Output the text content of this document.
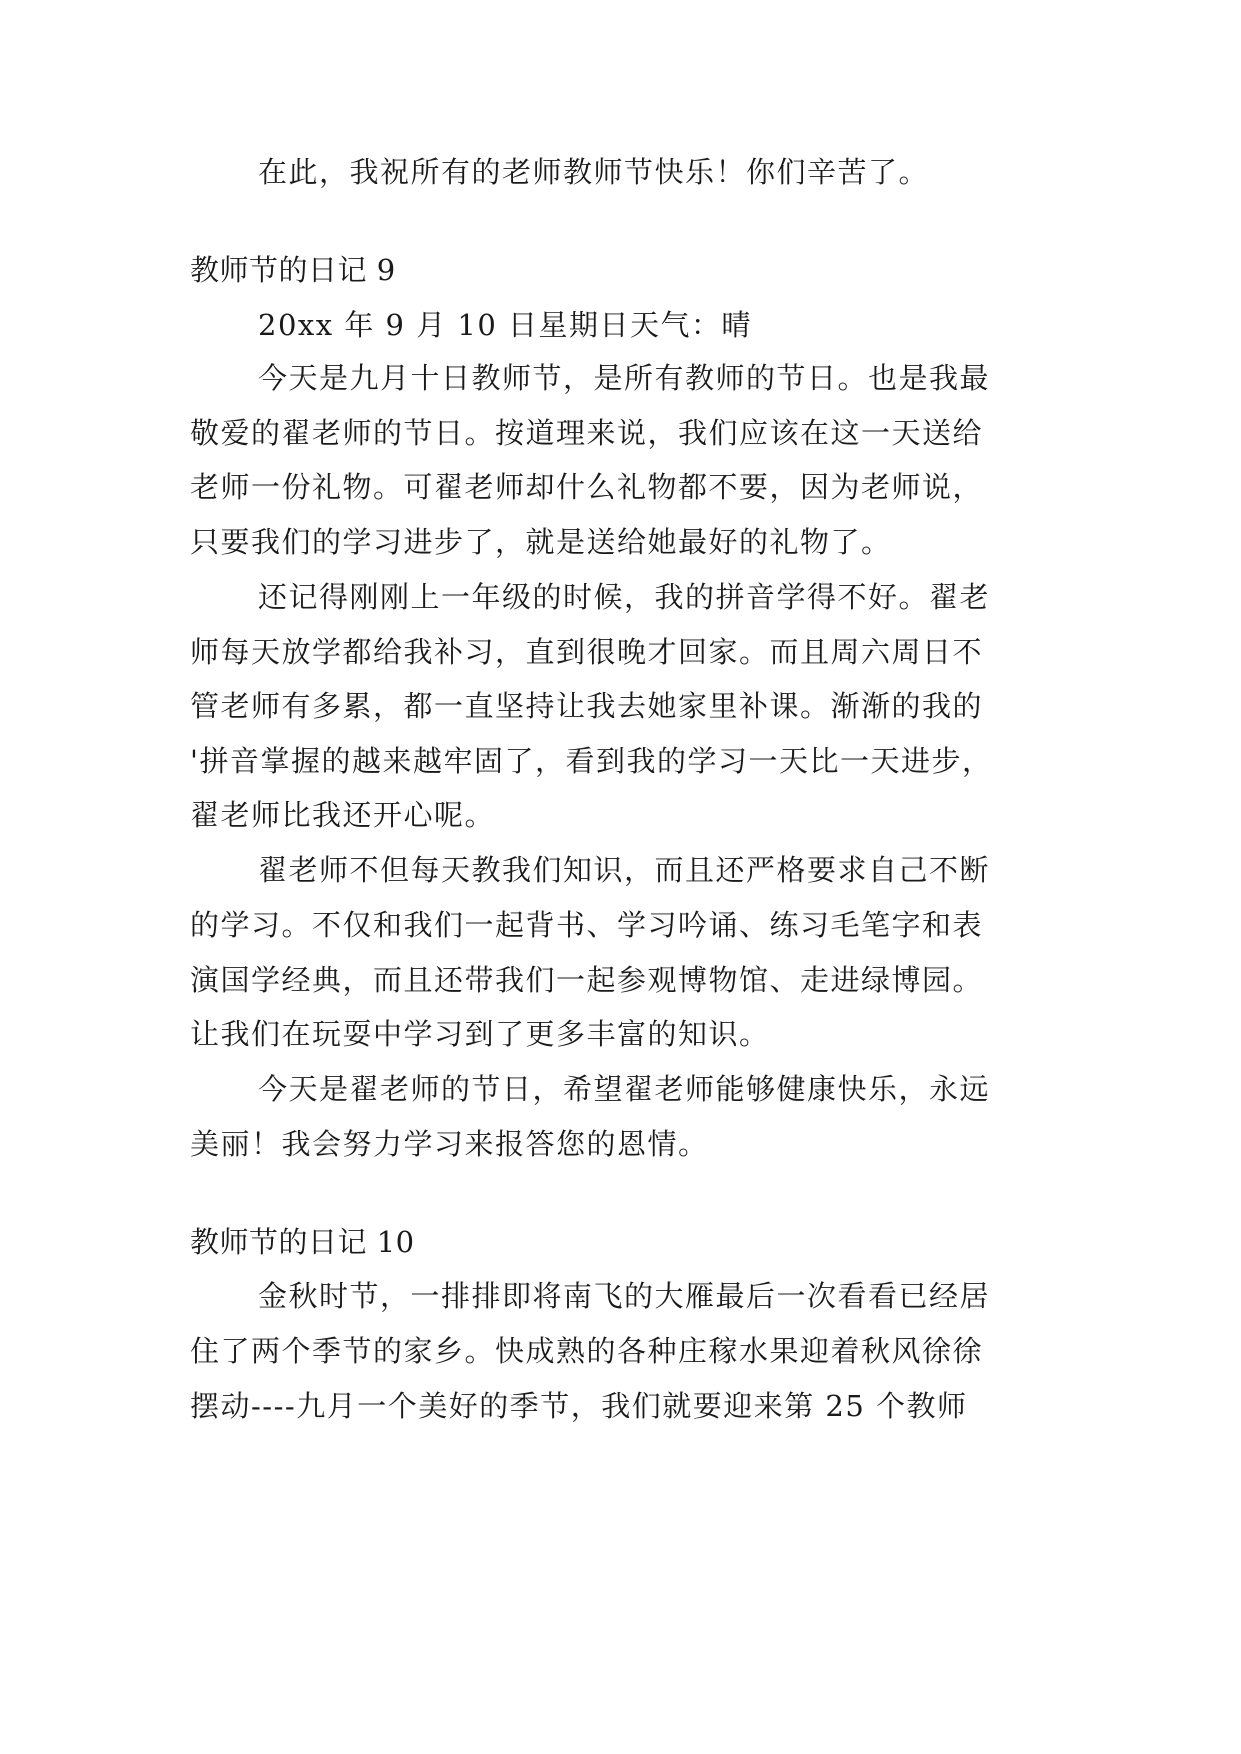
在此，我祝所有的老师教师节快乐！你们辛苦了。
教师节的日记 9
20xx 年 9 月 10 日星期日天气：晴
今天是九月十日教师节，是所有教师的节日。也是我最
敬爱的翟老师的节日。按道理来说，我们应该在这一天送给
老师一份礼物。可翟老师却什么礼物都不要，因为老师说，
只要我们的学习进步了，就是送给她最好的礼物了。
还记得刚刚上一年级的时候，我的拼音学得不好。翟老
师每天放学都给我补习，直到很晚才回家。而且周六周日不
管老师有多累，都一直坚持让我去她家里补课。渐渐的我的
'拼音掌握的越来越牢固了，看到我的学习一天比一天进步，
翟老师比我还开心呢。
翟老师不但每天教我们知识，而且还严格要求自己不断
的学习。不仅和我们一起背书、学习吟诵、练习毛笔字和表
演国学经典，而且还带我们一起参观博物馆、走进绿博园。
让我们在玩耍中学习到了更多丰富的知识。
今天是翟老师的节日，希望翟老师能够健康快乐，永远
美丽！我会努力学习来报答您的恩情。
教师节的日记 10
金秋时节，一排排即将南飞的大雁最后一次看看已经居
住了两个季节的家乡。快成熟的各种庄稼水果迎着秋风徐徐
摆动----九月一个美好的季节，我们就要迎来第 25 个教师
